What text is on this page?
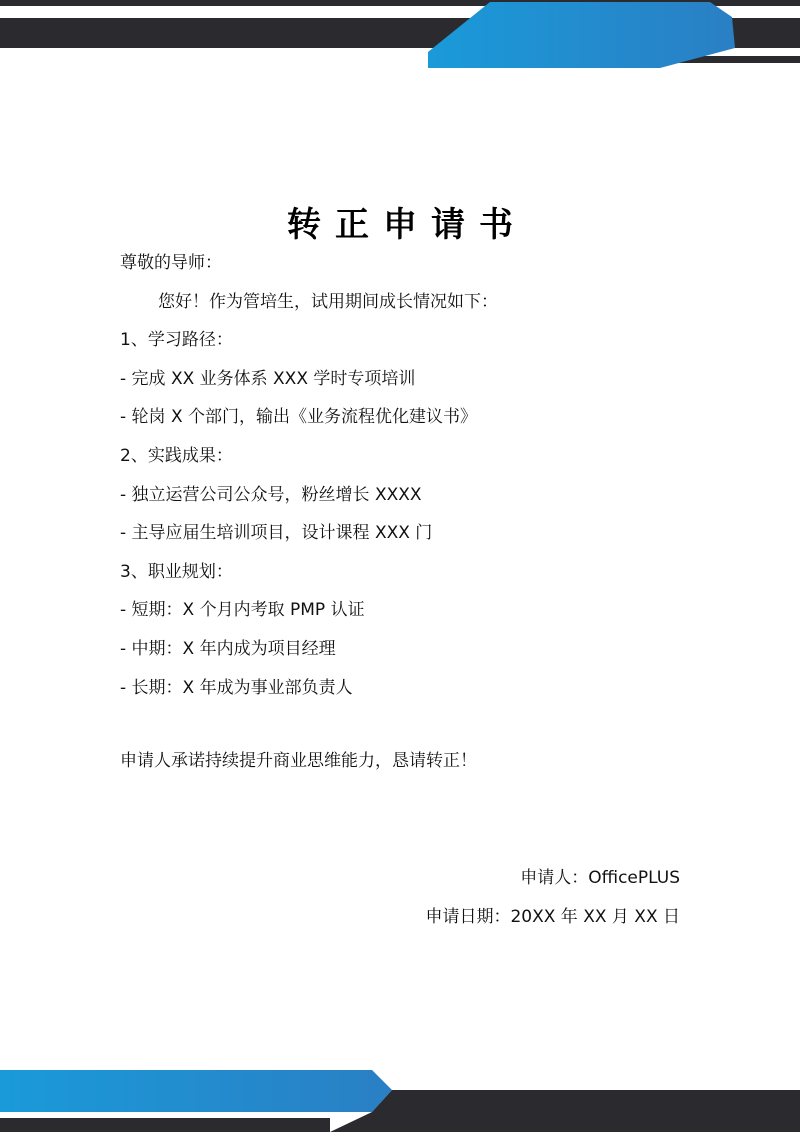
转正申请书
尊敬的导师：
您好！作为管培生，试用期间成长情况如下：
1、学习路径：
- 完成 XX 业务体系 XXX 学时专项培训
- 轮岗 X 个部门，输出《业务流程优化建议书》
2、实践成果：
- 独立运营公司公众号，粉丝增长 XXXX
- 主导应届生培训项目，设计课程 XXX 门
3、职业规划：
- 短期：X 个月内考取 PMP 认证
- 中期：X 年内成为项目经理
- 长期：X 年成为事业部负责人
申请人承诺持续提升商业思维能力，恳请转正！
申请人：OfficePLUS
申请日期：20XX 年 XX 月 XX 日
